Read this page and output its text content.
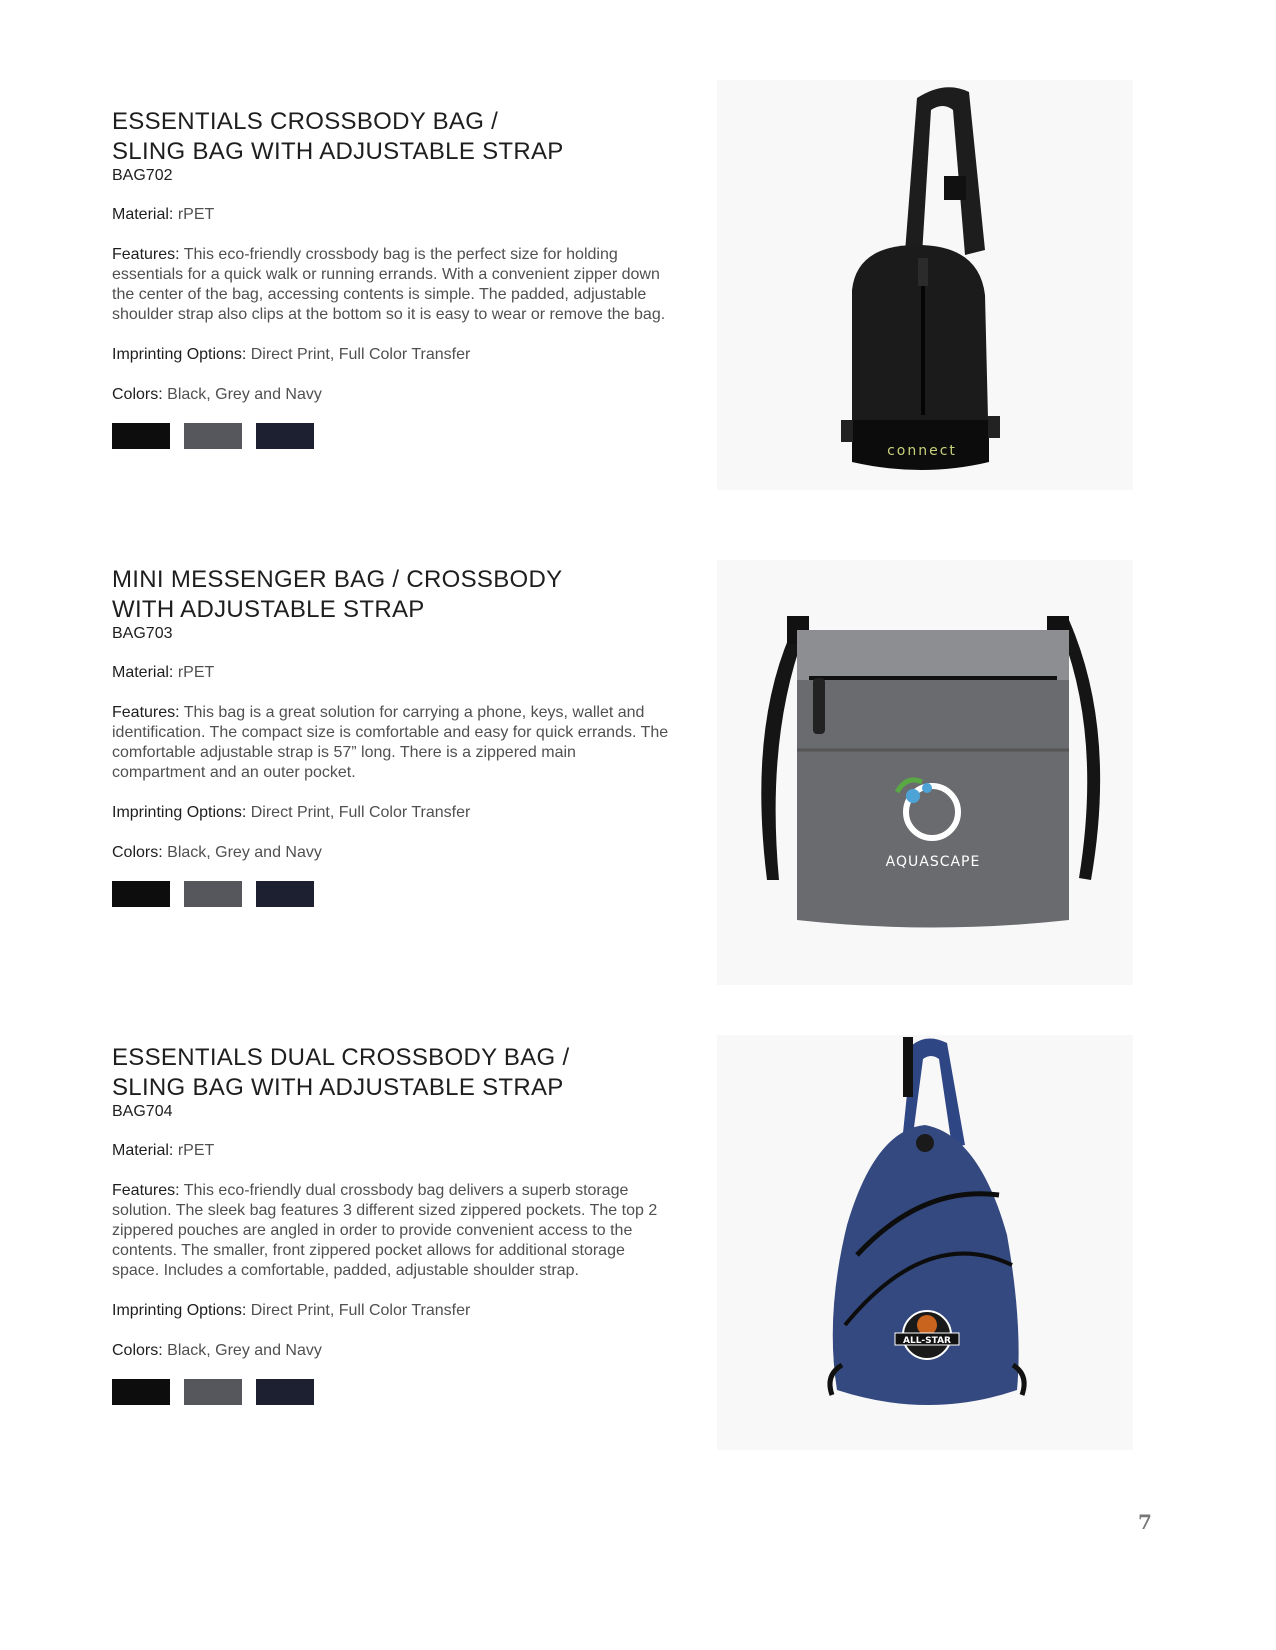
ESSENTIALS CROSSBODY BAG /
SLING BAG WITH ADJUSTABLE STRAP
BAG702
Material: rPET
Features: This eco-friendly crossbody bag is the perfect size for holding essentials for a quick walk or running errands. With a convenient zipper down the center of the bag, accessing contents is simple. The padded, adjustable shoulder strap also clips at the bottom so it is easy to wear or remove the bag.
Imprinting Options: Direct Print, Full Color Transfer
Colors: Black, Grey and Navy
MINI MESSENGER BAG / CROSSBODY
WITH ADJUSTABLE STRAP
BAG703
Material: rPET
Features: This bag is a great solution for carrying a phone, keys, wallet and identification. The compact size is comfortable and easy for quick errands. The comfortable adjustable strap is 57” long. There is a zippered main compartment and an outer pocket.
Imprinting Options: Direct Print, Full Color Transfer
Colors: Black, Grey and Navy
ESSENTIALS DUAL CROSSBODY BAG /
SLING BAG WITH ADJUSTABLE STRAP
BAG704
Material: rPET
Features: This eco-friendly dual crossbody bag delivers a superb storage solution. The sleek bag features 3 different sized zippered pockets. The top 2 zippered pouches are angled in order to provide convenient access to the contents. The smaller, front zippered pocket allows for additional storage space. Includes a comfortable, padded, adjustable shoulder strap.
Imprinting Options: Direct Print, Full Color Transfer
Colors: Black, Grey and Navy
connect
AQUASCAPE
ALL-STAR
7
